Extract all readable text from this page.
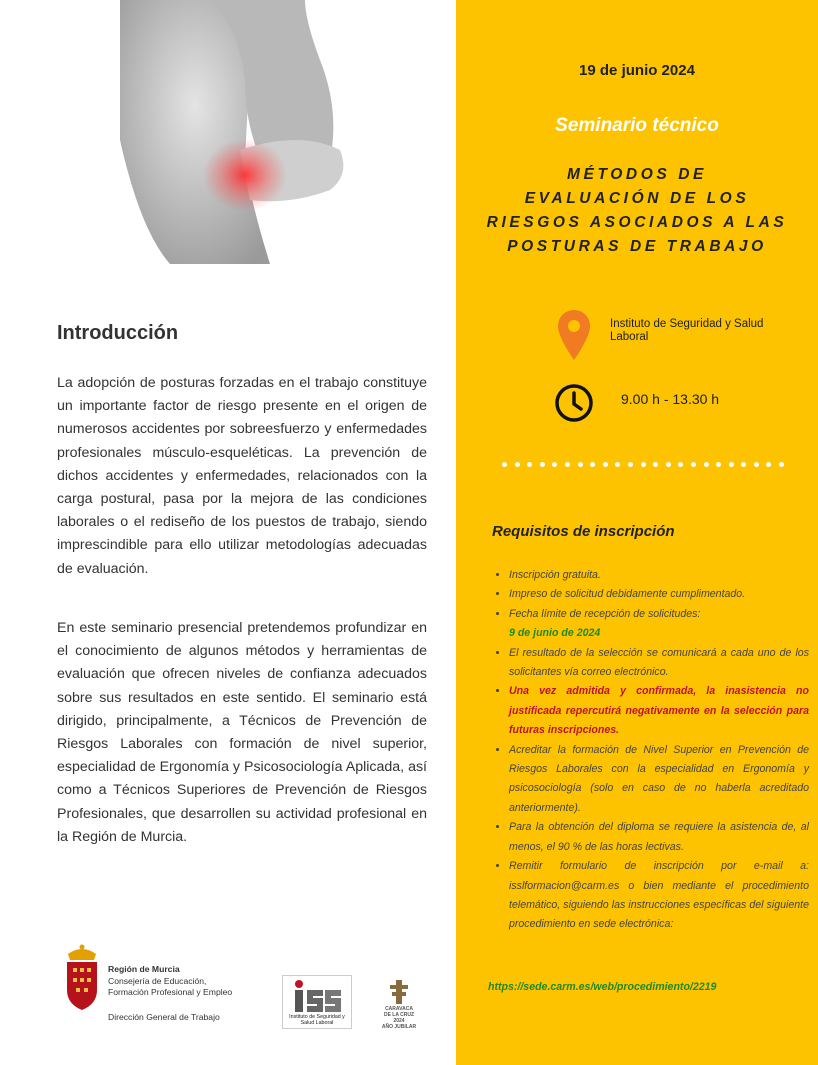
Introducción

La adopción de posturas forzadas en el trabajo constituye un importante factor de riesgo presente en el origen de numerosos accidentes por sobreesfuerzo y enfermedades profesionales músculo-esqueléticas. La prevención de dichos accidentes y enfermedades, relacionados con la carga postural, pasa por la mejora de las condiciones laborales o el rediseño de los puestos de trabajo, siendo imprescindible para ello utilizar metodologías adecuadas de evaluación.

En este seminario presencial pretendemos profundizar en el conocimiento de algunos métodos y herramientas de evaluación que ofrecen niveles de confianza adecuados sobre sus resultados en este sentido. El seminario está dirigido, principalmente, a Técnicos de Prevención de Riesgos Laborales con formación de nivel superior, especialidad de Ergonomía y Psicosociología Aplicada, así como a Técnicos Superiores de Prevención de Riesgos Profesionales, que desarrollen su actividad profesional en la Región de Murcia.

Región de Murcia
Consejería de Educación,
Formación Profesional y Empleo
Dirección General de Trabajo	Instituto de Seguridad y Salud Laboral
CARAVACA
DE LA CRUZ 2024
AÑO JUBILAR
19 de junio 2024
Seminario técnico
MÉTODOS DE
EVALUACIÓN DE LOS
RIESGOS ASOCIADOS A LAS
POSTURAS DE TRABAJO
Instituto de Seguridad y Salud Laboral
9.00 h - 13.30 h
Requisitos de inscripción
• Inscripción gratuita.
• Impreso de solicitud debidamente cumplimentado.
• Fecha límite de recepción de solicitudes:
9 de junio de 2024
• El resultado de la selección se comunicará a cada uno de los solicitantes vía correo electrónico.
• Una vez admitida y confirmada, la inasistencia no justificada repercutirá negativamente en la selección para futuras inscripciones.
• Acreditar la formación de Nivel Superior en Prevención de Riesgos Laborales con la especialidad en Ergonomía y psicosociología (solo en caso de no haberla acreditado anteriormente).
• Para la obtención del diploma se requiere la asistencia de, al menos, el 90 % de las horas lectivas.
• Remitir formulario de inscripción por e-mail a: isslformacion@carm.es o bien mediante el procedimiento telemático, siguiendo las instrucciones específicas del siguiente procedimiento en sede electrónica:
https://sede.carm.es/web/procedimiento/2219
